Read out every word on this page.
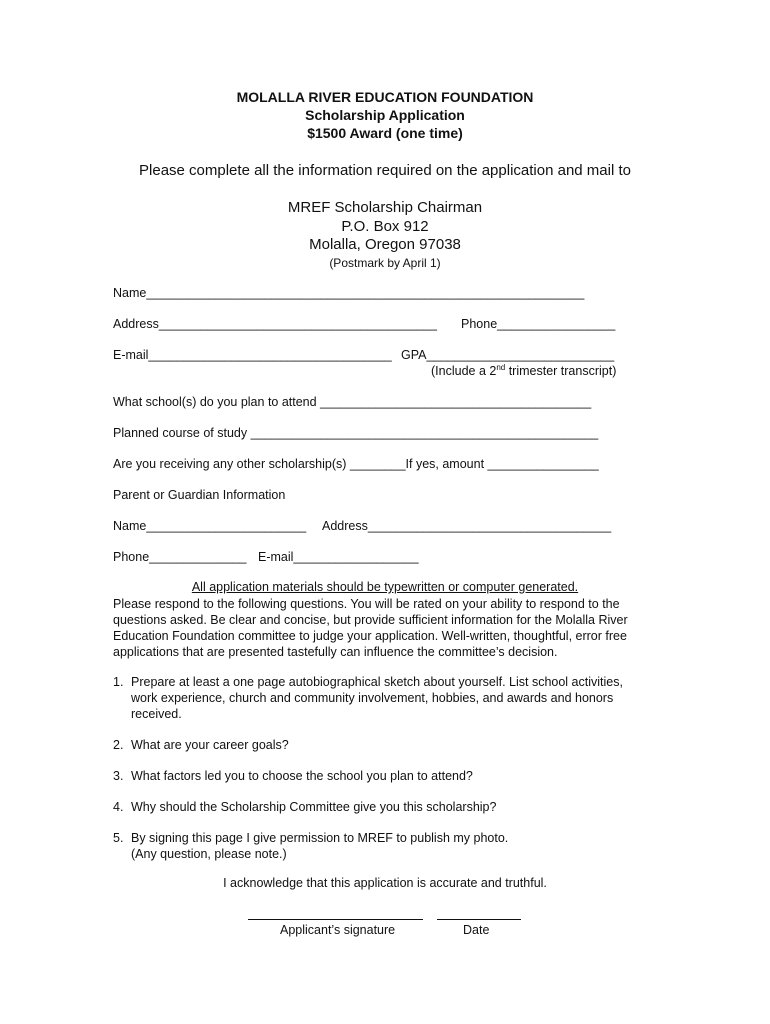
MOLALLA RIVER EDUCATION FOUNDATION
Scholarship Application
$1500 Award (one time)
Please complete all the information required on the application and mail to
MREF Scholarship Chairman
P.O. Box 912
Molalla, Oregon 97038
(Postmark by April 1)
Name_______________________________________________________________
Address________________________________________ Phone_________________
E-mail___________________________________ GPA___________________________
(Include a 2nd trimester transcript)
What school(s) do you plan to attend _______________________________________
Planned course of study __________________________________________________
Are you receiving any other scholarship(s) ________If yes, amount ________________
Parent or Guardian Information
Name_______________________ Address___________________________________
Phone______________ E-mail__________________
All application materials should be typewritten or computer generated.

Please respond to the following questions. You will be rated on your ability to respond to the questions asked. Be clear and concise, but provide sufficient information for the Molalla River Education Foundation committee to judge your application. Well-written, thoughtful, error free applications that are presented tastefully can influence the committee’s decision.

1. Prepare at least a one page autobiographical sketch about yourself. List school activities, work experience, church and community involvement, hobbies, and awards and honors received.
2. What are your career goals?
3. What factors led you to choose the school you plan to attend?
4. Why should the Scholarship Committee give you this scholarship?
5. By signing this page I give permission to MREF to publish my photo. (Any question, please note.)
I acknowledge that this application is accurate and truthful.
Applicant’s signature	Date
